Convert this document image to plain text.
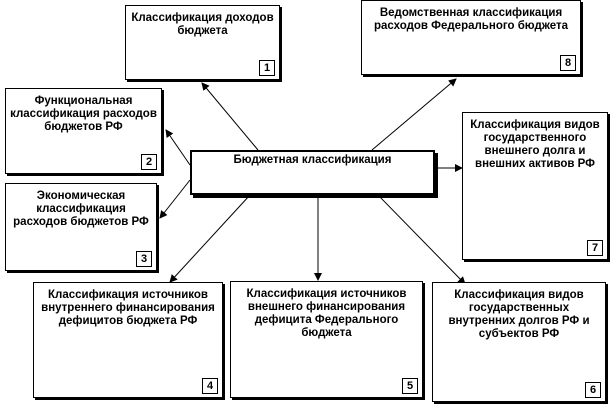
Бюджетная классификация
Классификация доходов бюджета
1
Ведомственная классификация расходов Федерального бюджета
8
Функциональная классификация расходов бюджетов РФ
2
Экономическая классификация расходов бюджетов РФ
3
Классификация видов государственного внешнего долга и внешних активов РФ
7
Классификация источников внутреннего финансирования дефицитов бюджета РФ
4
Классификация источников внешнего финансирования дефицита Федерального бюджета
5
Классификация видов государственных внутренних долгов РФ и субъектов РФ
6
